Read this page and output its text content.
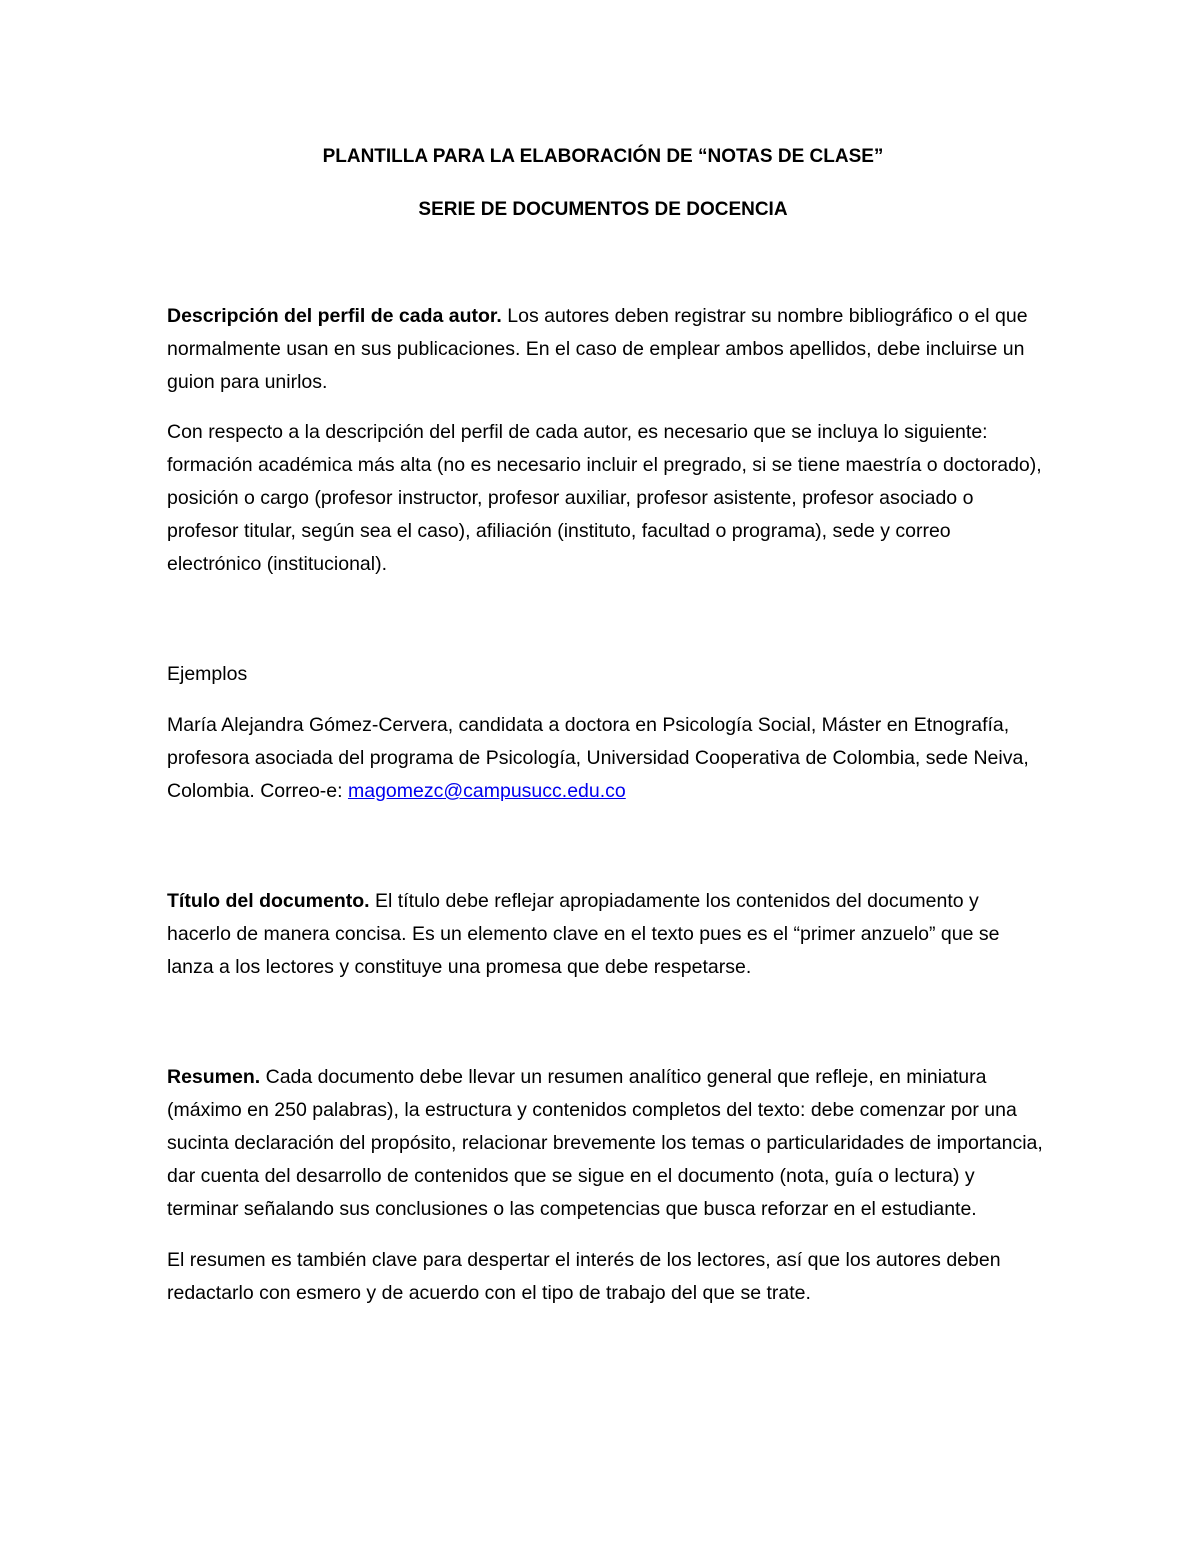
PLANTILLA PARA LA ELABORACIÓN DE “NOTAS DE CLASE”

SERIE DE DOCUMENTOS DE DOCENCIA

Descripción del perfil de cada autor. Los autores deben registrar su nombre bibliográfico o el que normalmente usan en sus publicaciones. En el caso de emplear ambos apellidos, debe incluirse un guion para unirlos.

Con respecto a la descripción del perfil de cada autor, es necesario que se incluya lo siguiente: formación académica más alta (no es necesario incluir el pregrado, si se tiene maestría o doctorado), posición o cargo (profesor instructor, profesor auxiliar, profesor asistente, profesor asociado o profesor titular, según sea el caso), afiliación (instituto, facultad o programa), sede y correo electrónico (institucional).

Ejemplos

María Alejandra Gómez-Cervera, candidata a doctora en Psicología Social, Máster en Etnografía, profesora asociada del programa de Psicología, Universidad Cooperativa de Colombia, sede Neiva, Colombia. Correo-e: magomezc@campusucc.edu.co

Título del documento. El título debe reflejar apropiadamente los contenidos del documento y hacerlo de manera concisa. Es un elemento clave en el texto pues es el “primer anzuelo” que se lanza a los lectores y constituye una promesa que debe respetarse.

Resumen. Cada documento debe llevar un resumen analítico general que refleje, en miniatura (máximo en 250 palabras), la estructura y contenidos completos del texto: debe comenzar por una sucinta declaración del propósito, relacionar brevemente los temas o particularidades de importancia, dar cuenta del desarrollo de contenidos que se sigue en el documento (nota, guía o lectura) y terminar señalando sus conclusiones o las competencias que busca reforzar en el estudiante.

El resumen es también clave para despertar el interés de los lectores, así que los autores deben redactarlo con esmero y de acuerdo con el tipo de trabajo del que se trate.
